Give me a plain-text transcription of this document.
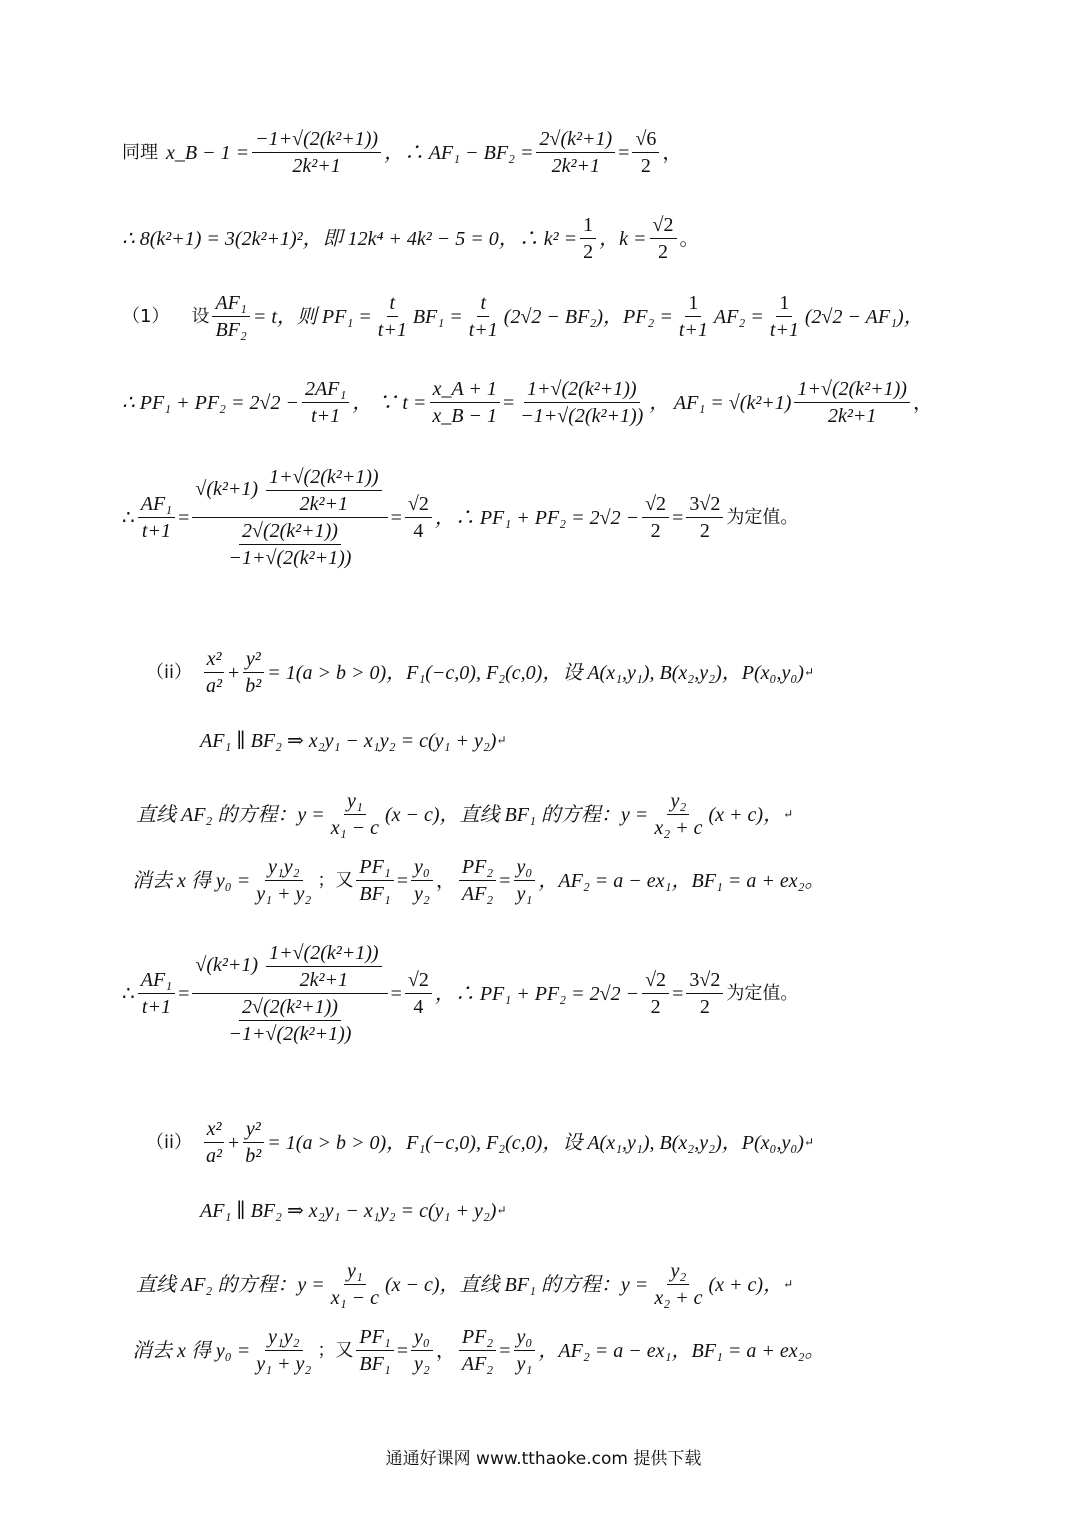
同理 x_B − $1 = \frac{\text{−1+√(2(k²+1))}}{\text{2k²+1}}$ ，∴ $AF_1 - BF_2 = \frac{\text{2√(k²+1)}}{\text{2k²+1}} = \frac{√6}{2}$ ，
∴ 8(k²+1) = 3(2k²+1)²，即 12k⁴ + 4k² − 5 = 0，∴ $k^2 = \frac{1}{2}$ ，$k = \frac{√2}{2}$ 。
（1） 设 $\frac{\text{AF₁}}{\text{BF₂}} = t$，则 $PF_1 = \frac{t}{t+1} BF_1 = \frac{t}{t+1} (2√2 - BF_2)$，$PF_2 = \frac{1}{t+1} AF_2 = \frac{1}{t+1} (2√2 - AF_1)$，
∴ $PF_1 + PF_2 = 2√2 - \frac{\text{2AF₁}}{t+1}$ ， ∵ $t = \frac{x\_A + 1}{x\_B - 1} = \frac{\text{1+√(2(k²+1))}}{\text{−1+√(2(k²+1))}}$ ， $AF_1 = √(k^2+1) \frac{\text{1+√(2(k²+1))}}{\text{2k²+1}}$ ，
∴ $\frac{\text{AF₁}}{t+1} = \frac{√(k^2+1) \frac{\text{1+√(2(k²+1))}}{\text{2k²+1}}}{\frac{\text{2√(2(k²+1))}}{\text{−1+√(2(k²+1))}}} = \frac{√2}{4}$ ，∴ $PF_1 + PF_2 = 2√2 - \frac{√2}{2} = \frac{3√2}{2}$ 为定值。
$(ii) \frac{\text{x²}}{\text{a²}} + \frac{\text{y²}}{\text{b²}} = 1(a > b > 0)$，F₁(−c,0), F₂(c,0)，设 A(x₁,y₁), B(x₂,y₂)，P(x₀,y₀) ↵
AF₁ ∥ BF₂ ⇒ x₂y₁ − x₁y₂ = c(y₁ + y₂) ↵
直线 AF₂ 的方程：$y = \frac{\text{y₁}}{\text{x₁ − c}} (x - c)$，直线 BF₁ 的方程：$y = \frac{\text{y₂}}{\text{x₂ + c}} (x + c)$， ↵
消去 x 得 $y_0 = \frac{\text{y₁y₂}}{\text{y₁ + y₂}}$ ；又 $\frac{\text{PF₁}}{\text{BF₁}} = \frac{\text{y₀}}{\text{y₂}}$ ， $\frac{\text{PF₂}}{\text{AF₂}} = \frac{\text{y₀}}{\text{y₁}}$ ，AF₂ = a − ex₁，BF₁ = a + ex₂。
∴ $\frac{\text{AF₁}}{t+1} = \frac{√(k^2+1) \frac{\text{1+√(2(k²+1))}}{\text{2k²+1}}}{\frac{\text{2√(2(k²+1))}}{\text{−1+√(2(k²+1))}}} = \frac{√2}{4}$ ，∴ $PF_1 + PF_2 = 2√2 - \frac{√2}{2} = \frac{3√2}{2}$ 为定值。
$(ii) \frac{\text{x²}}{\text{a²}} + \frac{\text{y²}}{\text{b²}} = 1(a > b > 0)$，F₁(−c,0), F₂(c,0)，设 A(x₁,y₁), B(x₂,y₂)，P(x₀,y₀) ↵
AF₁ ∥ BF₂ ⇒ x₂y₁ − x₁y₂ = c(y₁ + y₂) ↵
直线 AF₂ 的方程：$y = \frac{\text{y₁}}{\text{x₁ − c}} (x - c)$，直线 BF₁ 的方程：$y = \frac{\text{y₂}}{\text{x₂ + c}} (x + c)$， ↵
消去 x 得 $y_0 = \frac{\text{y₁y₂}}{\text{y₁ + y₂}}$ ；又 $\frac{\text{PF₁}}{\text{BF₁}} = \frac{\text{y₀}}{\text{y₂}}$ ， $\frac{\text{PF₂}}{\text{AF₂}} = \frac{\text{y₀}}{\text{y₁}}$ ，AF₂ = a − ex₁，BF₁ = a + ex₂。
通通好课网 www.tthaoke.com 提供下载
